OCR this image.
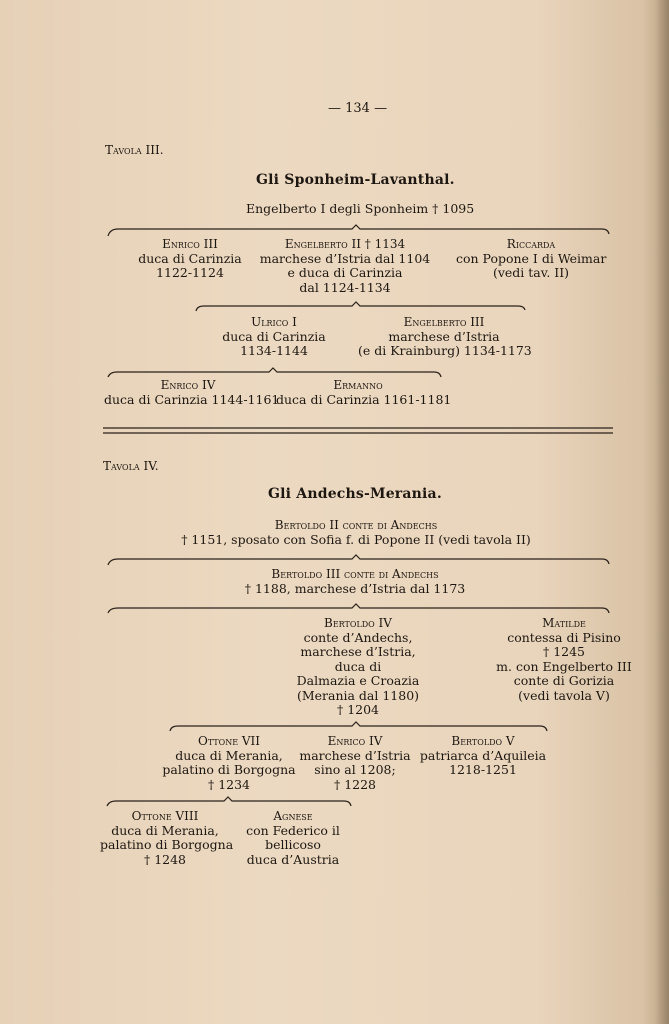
— 134 —
Tavola III.
Gli Sponheim-Lavanthal.
Engelberto I degli Sponheim † 1095
Enrico III
duca di Carinzia
1122-1124
Engelberto II † 1134
marchese d’Istria dal 1104
e duca di Carinzia
dal 1124-1134
Riccarda
con Popone I di Weimar
(vedi tav. II)
Ulrico I
duca di Carinzia
1134-1144
Engelberto III
marchese d’Istria
(e di Krainburg) 1134-1173
Enrico IV
duca di Carinzia 1144-1161
Ermanno
duca di Carinzia 1161-1181
Tavola IV.
Gli Andechs-Merania.
Bertoldo II conte di Andechs
† 1151, sposato con Sofia f. di Popone II (vedi tavola II)
Bertoldo III conte di Andechs
† 1188, marchese d’Istria dal 1173
Bertoldo IV
conte d’Andechs,
marchese d’Istria,
duca di
Dalmazia e Croazia
(Merania dal 1180)
† 1204
Matilde
contessa di Pisino
† 1245
m. con Engelberto III
conte di Gorizia
(vedi tavola V)
Ottone VII
duca di Merania,
palatino di Borgogna
† 1234
Enrico IV
marchese d’Istria
sino al 1208;
† 1228
Bertoldo V
patriarca d’Aquileia
1218-1251
Ottone VIII
duca di Merania,
palatino di Borgogna
† 1248
Agnese
con Federico il
bellicoso
duca d’Austria
